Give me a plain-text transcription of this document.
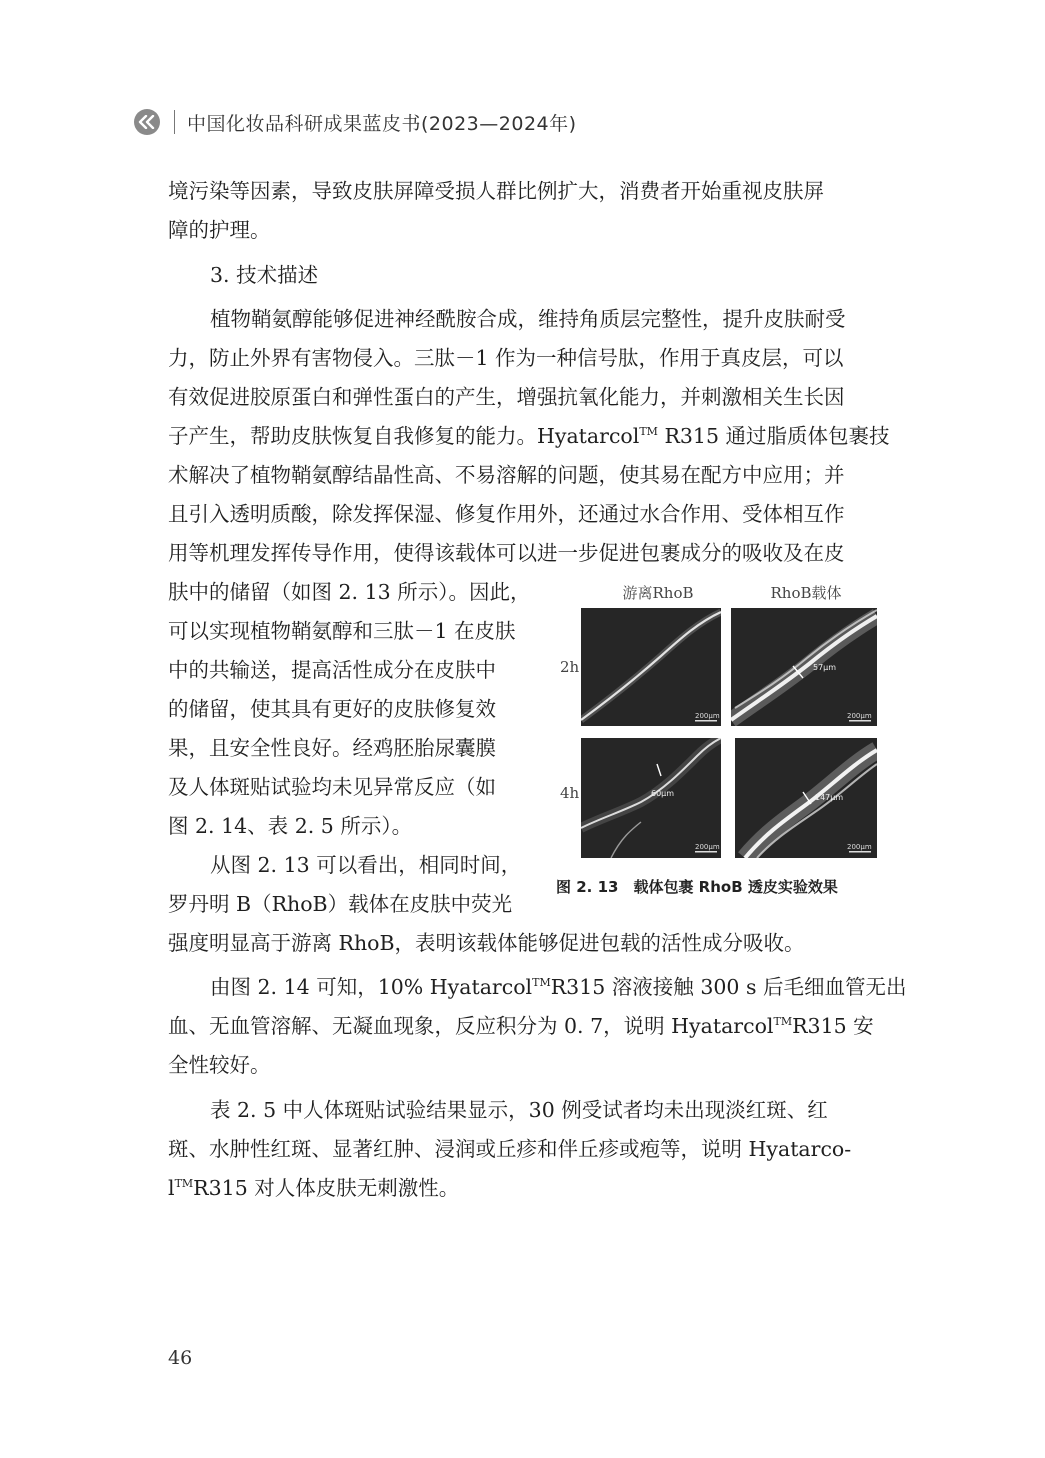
中国化妆品科研成果蓝皮书(2023—2024年)

境污染等因素，导致皮肤屏障受损人群比例扩大，消费者开始重视皮肤屏
障的护理。

3. 技术描述

植物鞘氨醇能够促进神经酰胺合成，维持角质层完整性，提升皮肤耐受
力，防止外界有害物侵入。三肽－1 作为一种信号肽，作用于真皮层，可以
有效促进胶原蛋白和弹性蛋白的产生，增强抗氧化能力，并刺激相关生长因
子产生，帮助皮肤恢复自我修复的能力。Hyatarcol™ R315 通过脂质体包裹技
术解决了植物鞘氨醇结晶性高、不易溶解的问题，使其易在配方中应用；并
且引入透明质酸，除发挥保湿、修复作用外，还通过水合作用、受体相互作
用等机理发挥传导作用，使得该载体可以进一步促进包裹成分的吸收及在皮

肤中的储留（如图 2. 13 所示）。因此，
可以实现植物鞘氨醇和三肽－1 在皮肤
中的共输送，提高活性成分在皮肤中
的储留，使其具有更好的皮肤修复效
果，且安全性良好。经鸡胚胎尿囊膜
及人体斑贴试验均未见异常反应（如
图 2. 14、表 2. 5 所示）。

从图 2. 13 可以看出，相同时间，
罗丹明 B（RhoB）载体在皮肤中荧光

强度明显高于游离 RhoB，表明该载体能够促进包载的活性成分吸收。

由图 2. 14 可知，10% Hyatarcol™R315 溶液接触 300 s 后毛细血管无出
血、无血管溶解、无凝血现象，反应积分为 0. 7，说明 Hyatarcol™R315 安
全性较好。

表 2. 5 中人体斑贴试验结果显示，30 例受试者均未出现淡红斑、红
斑、水肿性红斑、显著红肿、浸润或丘疹和伴丘疹或疱等，说明 Hyatarco-
l™R315 对人体皮肤无刺激性。

游离RhoB	RhoB载体
2h
4h
200μm
57μm
200μm
60μm
200μm
147μm
200μm
图 2. 13　载体包裹 RhoB 透皮实验效果
46
